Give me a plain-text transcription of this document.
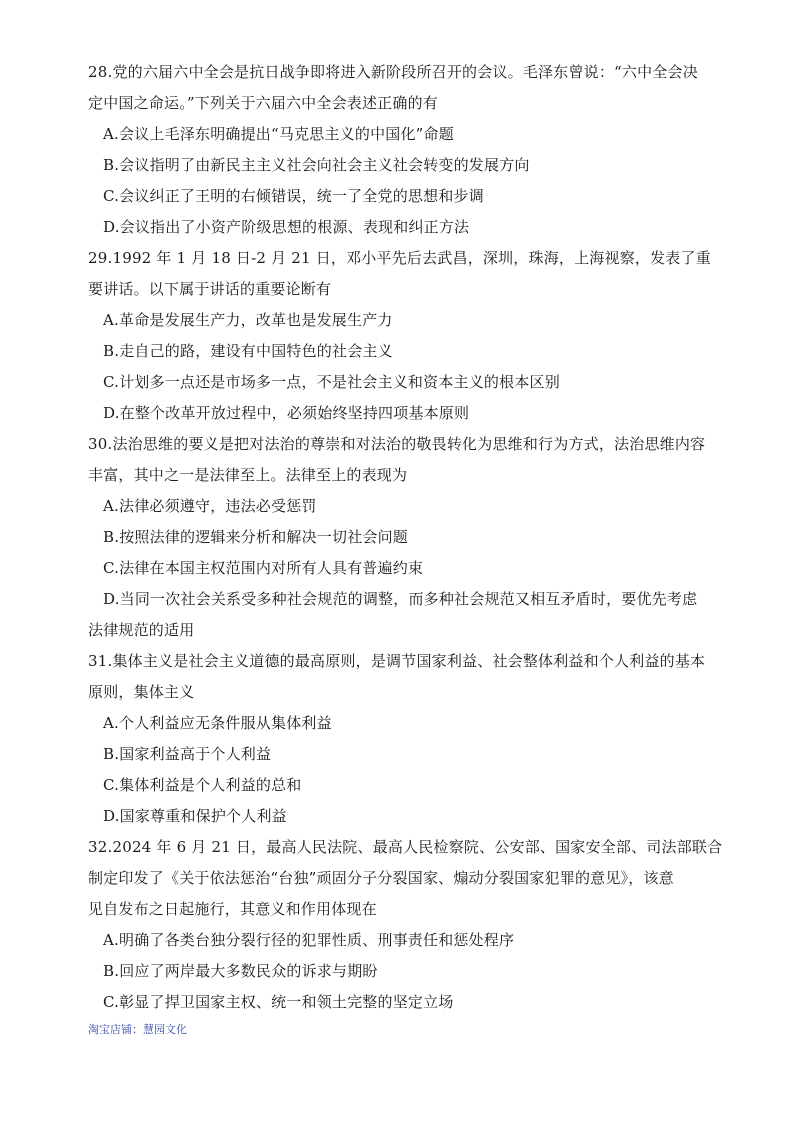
28.党的六届六中全会是抗日战争即将进入新阶段所召开的会议。毛泽东曾说：“六中全会决
定中国之命运。”下列关于六届六中全会表述正确的有
A.会议上毛泽东明确提出“马克思主义的中国化”命题
B.会议指明了由新民主主义社会向社会主义社会转变的发展方向
C.会议纠正了王明的右倾错误，统一了全党的思想和步调
D.会议指出了小资产阶级思想的根源、表现和纠正方法
29.1992 年 1 月 18 日-2 月 21 日，邓小平先后去武昌，深圳，珠海，上海视察，发表了重
要讲话。以下属于讲话的重要论断有
A.革命是发展生产力，改革也是发展生产力
B.走自己的路，建设有中国特色的社会主义
C.计划多一点还是市场多一点，不是社会主义和资本主义的根本区别
D.在整个改革开放过程中，必须始终坚持四项基本原则
30.法治思维的要义是把对法治的尊崇和对法治的敬畏转化为思维和行为方式，法治思维内容
丰富，其中之一是法律至上。法律至上的表现为
A.法律必须遵守，违法必受惩罚
B.按照法律的逻辑来分析和解决一切社会问题
C.法律在本国主权范围内对所有人具有普遍约束
D.当同一次社会关系受多种社会规范的调整，而多种社会规范又相互矛盾时，要优先考虑
法律规范的适用
31.集体主义是社会主义道德的最高原则，是调节国家利益、社会整体利益和个人利益的基本
原则，集体主义
A.个人利益应无条件服从集体利益
B.国家利益高于个人利益
C.集体利益是个人利益的总和
D.国家尊重和保护个人利益
32.2024 年 6 月 21 日，最高人民法院、最高人民检察院、公安部、国家安全部、司法部联合
制定印发了《关于依法惩治“台独”顽固分子分裂国家、煽动分裂国家犯罪的意见》，该意
见自发布之日起施行，其意义和作用体现在
A.明确了各类台独分裂行径的犯罪性质、刑事责任和惩处程序
B.回应了两岸最大多数民众的诉求与期盼
C.彰显了捍卫国家主权、统一和领土完整的坚定立场
淘宝店铺：慧园文化
